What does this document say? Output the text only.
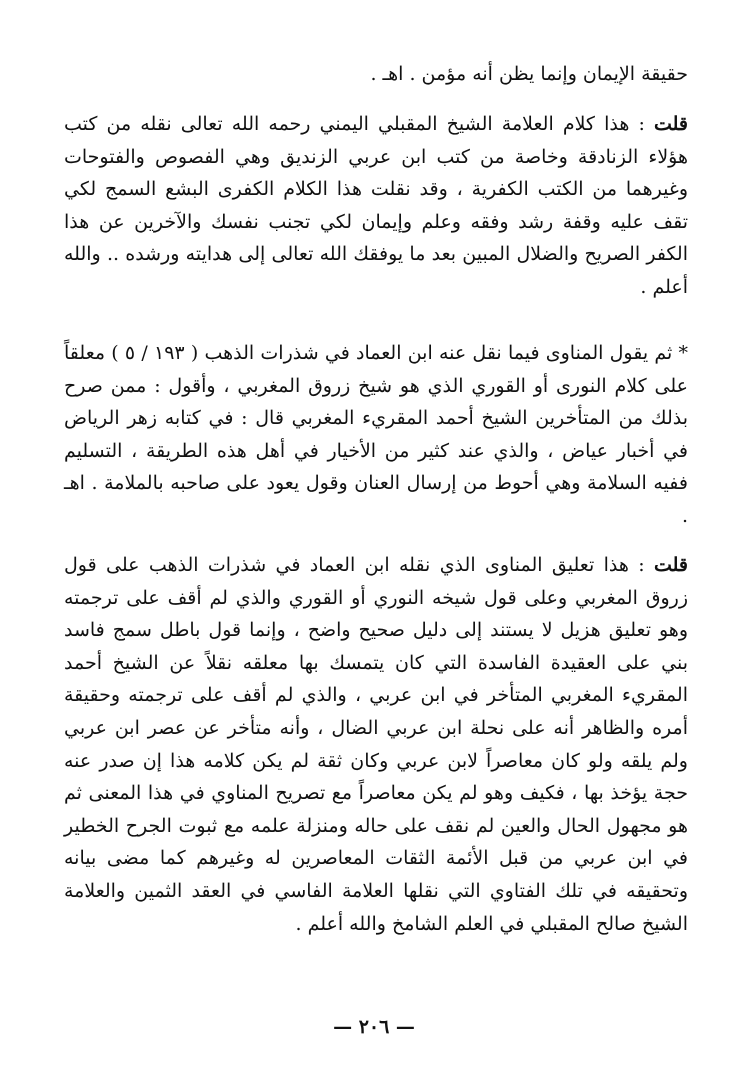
حقيقة الإيمان وإنما يظن أنه مؤمن . اهـ .
قلت : هذا كلام العلامة الشيخ المقبلي اليمني رحمه الله تعالى نقله من كتب هؤلاء الزنادقة وخاصة من كتب ابن عربي الزنديق وهي الفصوص والفتوحات وغيرهما من الكتب الكفرية ، وقد نقلت هذا الكلام الكفرى البشع السمج لكي تقف عليه وقفة رشد وفقه وعلم وإيمان لكي تجنب نفسك والآخرين عن هذا الكفر الصريح والضلال المبين بعد ما يوفقك الله تعالى إلى هدايته ورشده .. والله أعلم .
* ثم يقول المناوى فيما نقل عنه ابن العماد في شذرات الذهب ( ١٩٣ / ٥ ) معلقاً على كلام النورى أو القوري الذي هو شيخ زروق المغربي ، وأقول : ممن صرح بذلك من المتأخرين الشيخ أحمد المقريء المغربي قال : في كتابه زهر الرياض في أخبار عياض ، والذي عند كثير من الأخيار في أهل هذه الطريقة ، التسليم ففيه السلامة وهي أحوط من إرسال العنان وقول يعود على صاحبه بالملامة . اهـ .
قلت : هذا تعليق المناوى الذي نقله ابن العماد في شذرات الذهب على قول زروق المغربي وعلى قول شيخه النوري أو القوري والذي لم أقف على ترجمته وهو تعليق هزيل لا يستند إلى دليل صحيح واضح ، وإنما قول باطل سمج فاسد بني على العقيدة الفاسدة التي كان يتمسك بها معلقه نقلاً عن الشيخ أحمد المقريء المغربي المتأخر في ابن عربي ، والذي لم أقف على ترجمته وحقيقة أمره والظاهر أنه على نحلة ابن عربي الضال ، وأنه متأخر عن عصر ابن عربي ولم يلقه ولو كان معاصراً لابن عربي وكان ثقة لم يكن كلامه هذا إن صدر عنه حجة يؤخذ بها ، فكيف وهو لم يكن معاصراً مع تصريح المناوي في هذا المعنى ثم هو مجهول الحال والعين لم نقف على حاله ومنزلة علمه مع ثبوت الجرح الخطير في ابن عربي من قبل الأئمة الثقات المعاصرين له وغيرهم كما مضى بيانه وتحقيقه في تلك الفتاوي التي نقلها العلامة الفاسي في العقد الثمين والعلامة الشيخ صالح المقبلي في العلم الشامخ والله أعلم .
— ٢٠٦ —
